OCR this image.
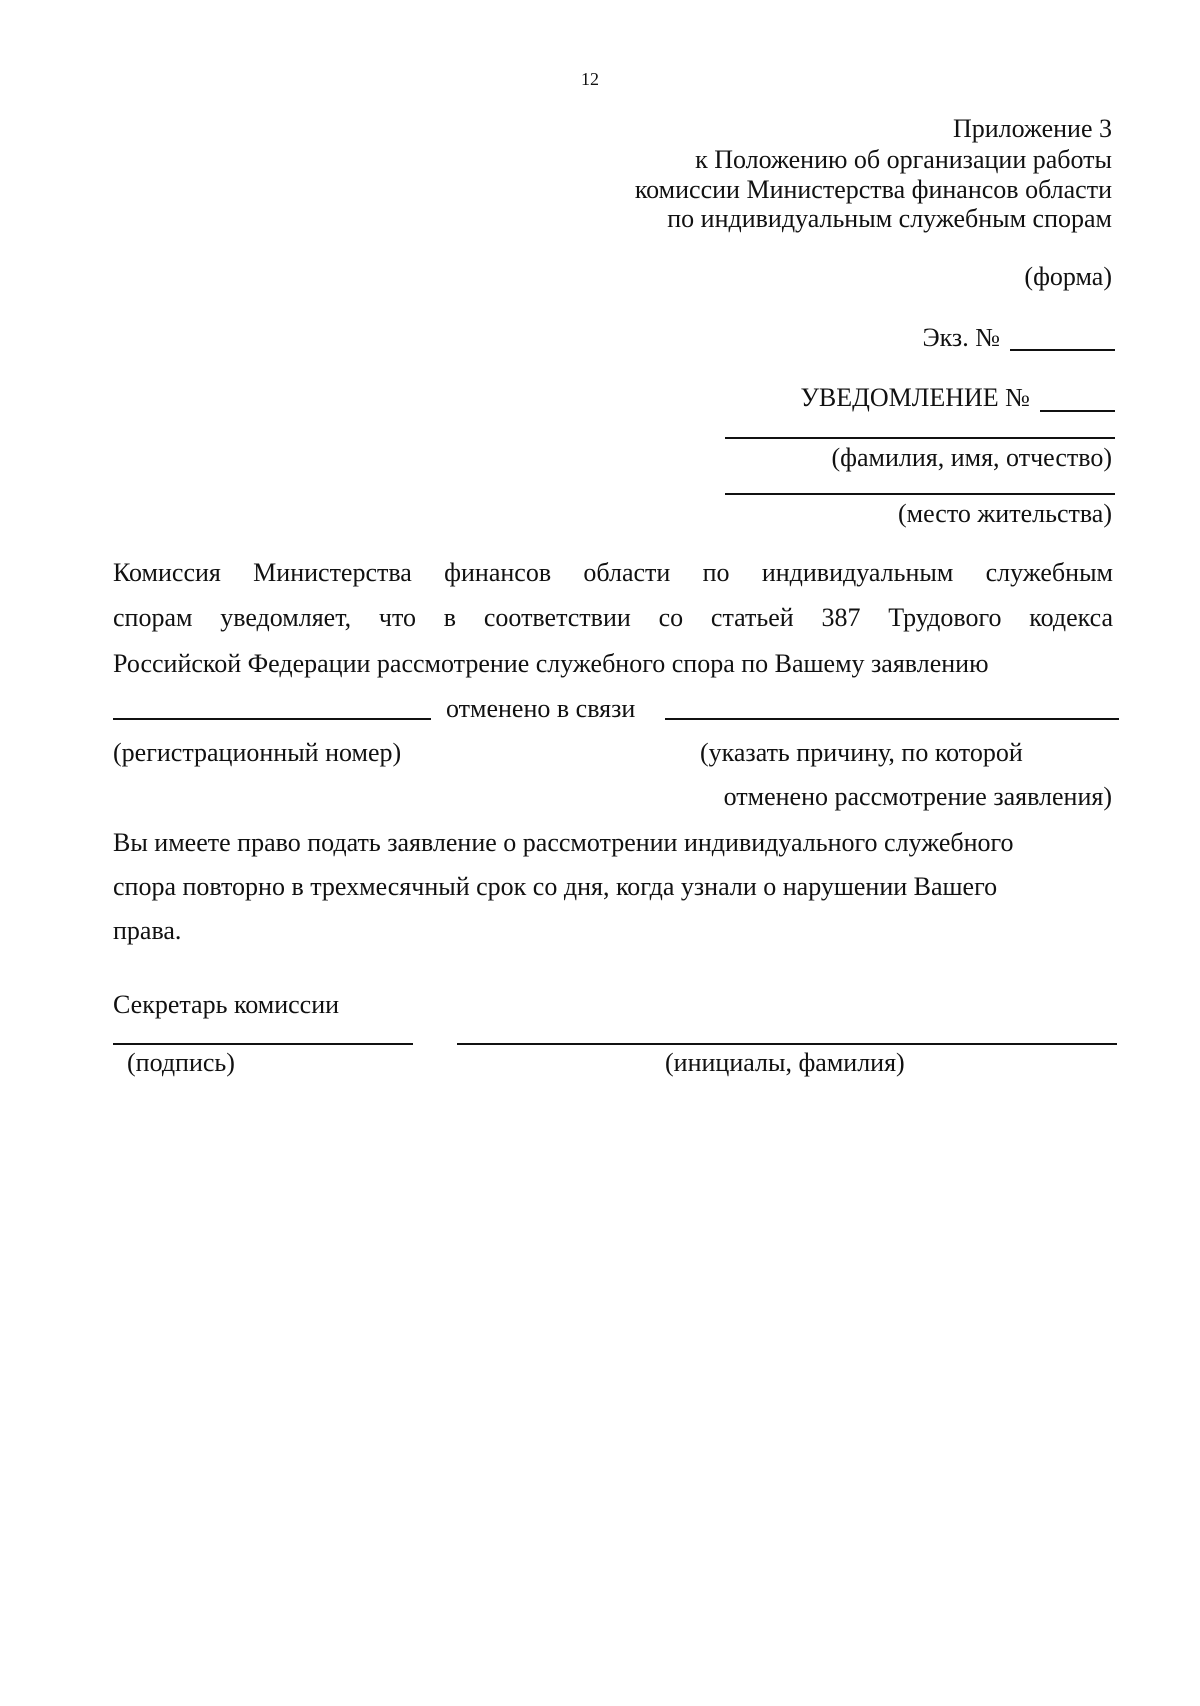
12
Приложение 3
к Положению об организации работы
комиссии Министерства финансов области
по индивидуальным служебным спорам
(форма)
Экз. №
УВЕДОМЛЕНИЕ №
(фамилия, имя, отчество)
(место жительства)
Комиссия Министерства финансов области по индивидуальным служебным
спорам уведомляет, что в соответствии со статьей 387 Трудового кодекса
Российской Федерации рассмотрение служебного спора по Вашему заявлению
отменено в связи
(регистрационный номер)	(указать причину, по которой
отменено рассмотрение заявления)
Вы имеете право подать заявление о рассмотрении индивидуального служебного
спора повторно в трехмесячный срок со дня, когда узнали о нарушении Вашего
права.
Секретарь комиссии
(подпись)	(инициалы, фамилия)
